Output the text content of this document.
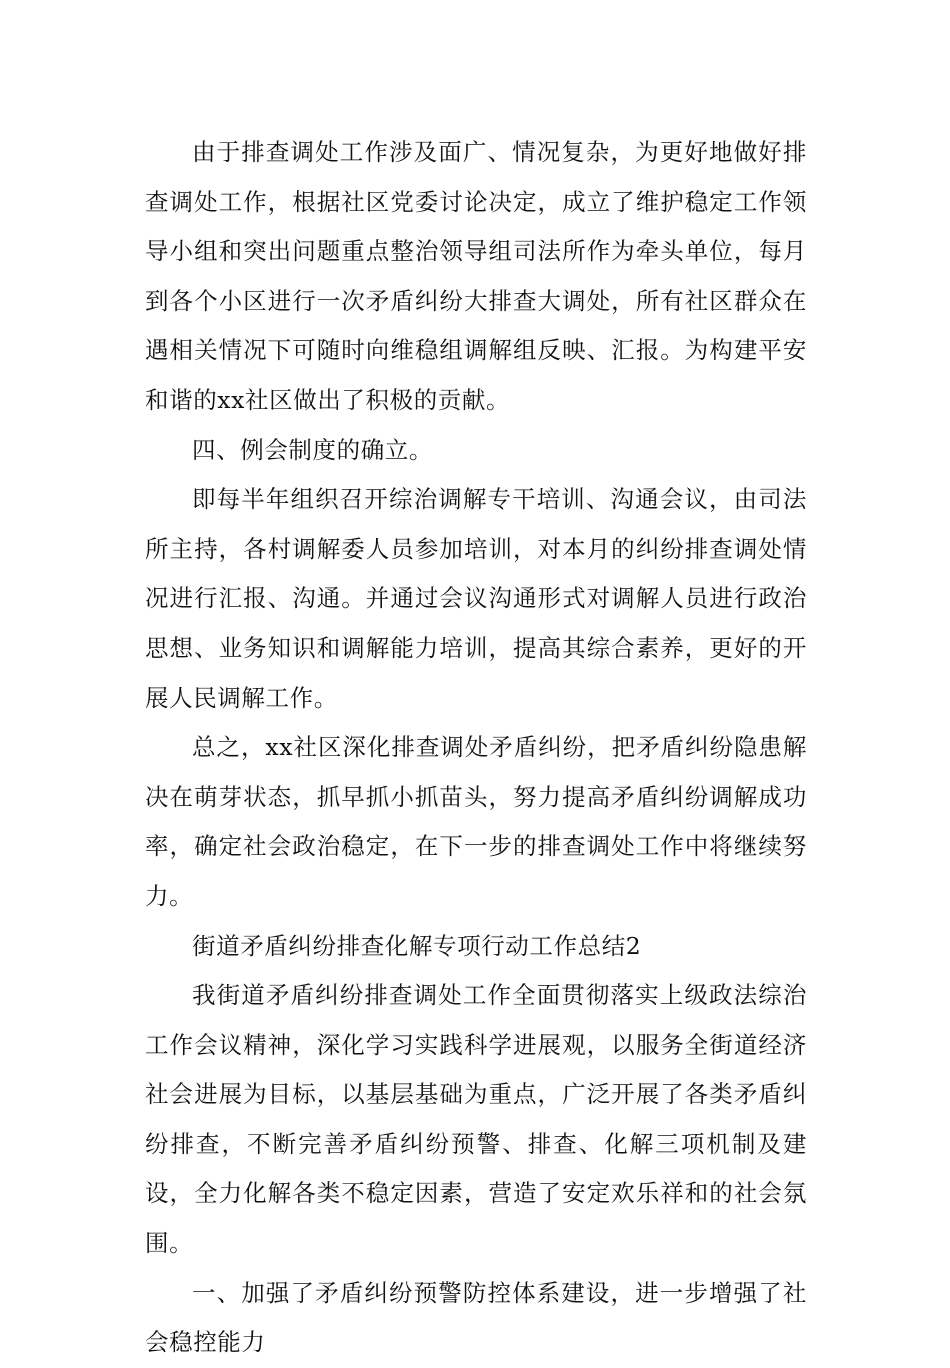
由于排查调处工作涉及面广、情况复杂，为更好地做好排查调处工作，根据社区党委讨论决定，成立了维护稳定工作领导小组和突出问题重点整治领导组司法所作为牵头单位，每月到各个小区进行一次矛盾纠纷大排查大调处，所有社区群众在遇相关情况下可随时向维稳组调解组反映、汇报。为构建平安和谐的xx社区做出了积极的贡献。

四、例会制度的确立。

即每半年组织召开综治调解专干培训、沟通会议，由司法所主持，各村调解委人员参加培训，对本月的纠纷排查调处情况进行汇报、沟通。并通过会议沟通形式对调解人员进行政治思想、业务知识和调解能力培训，提高其综合素养，更好的开展人民调解工作。

总之，xx社区深化排查调处矛盾纠纷，把矛盾纠纷隐患解决在萌芽状态，抓早抓小抓苗头，努力提高矛盾纠纷调解成功率，确定社会政治稳定，在下一步的排查调处工作中将继续努力。

街道矛盾纠纷排查化解专项行动工作总结2

我街道矛盾纠纷排查调处工作全面贯彻落实上级政法综治工作会议精神，深化学习实践科学进展观，以服务全街道经济社会进展为目标，以基层基础为重点，广泛开展了各类矛盾纠纷排查，不断完善矛盾纠纷预警、排查、化解三项机制及建设，全力化解各类不稳定因素，营造了安定欢乐祥和的社会氛围。

一、加强了矛盾纠纷预警防控体系建设，进一步增强了社会稳控能力
